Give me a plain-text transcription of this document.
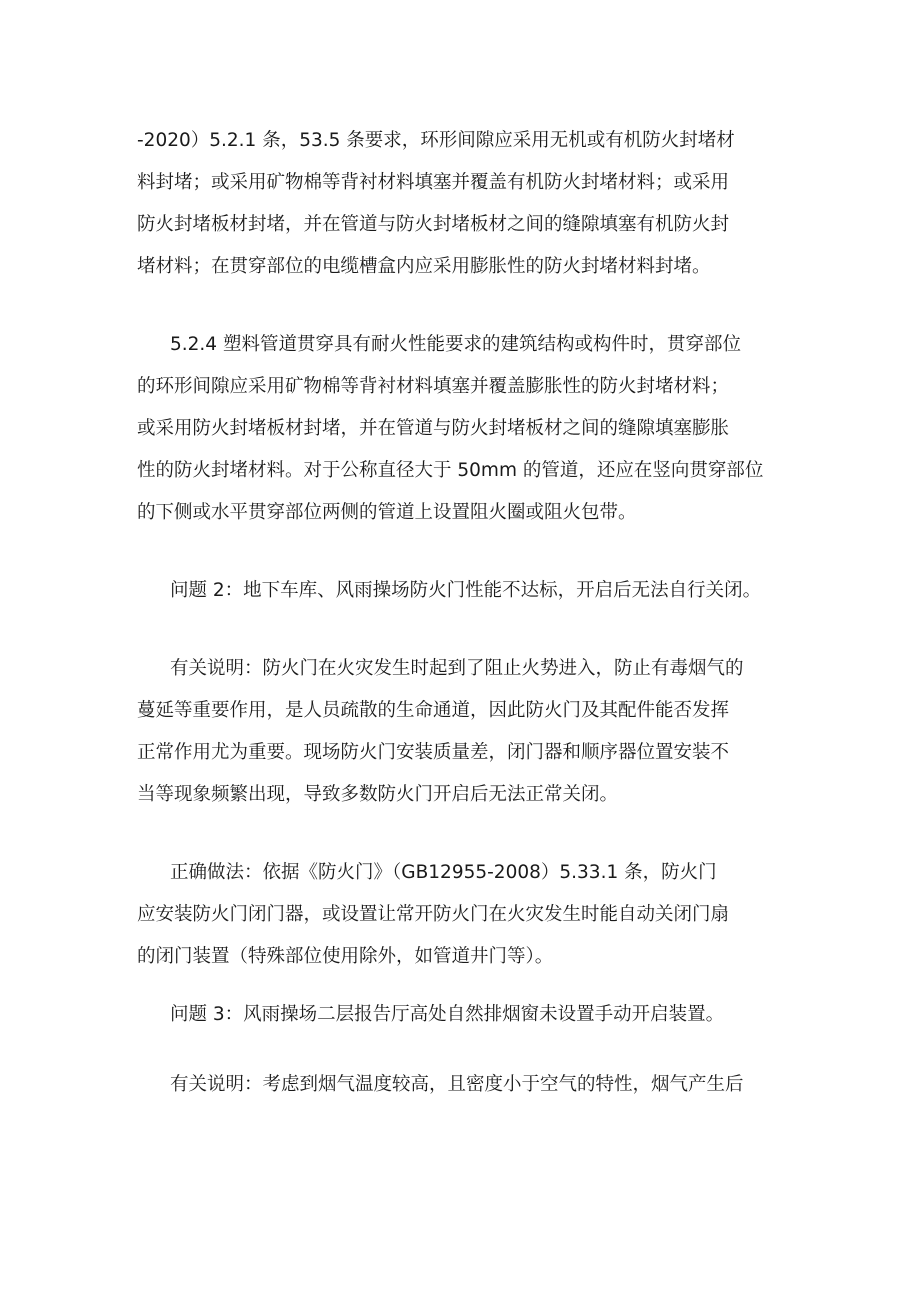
-2020）5.2.1 条，53.5 条要求，环形间隙应采用无机或有机防火封堵材
料封堵；或采用矿物棉等背衬材料填塞并覆盖有机防火封堵材料；或采用
防火封堵板材封堵，并在管道与防火封堵板材之间的缝隙填塞有机防火封
堵材料；在贯穿部位的电缆槽盒内应采用膨胀性的防火封堵材料封堵。
5.2.4 塑料管道贯穿具有耐火性能要求的建筑结构或构件时，贯穿部位
的环形间隙应采用矿物棉等背衬材料填塞并覆盖膨胀性的防火封堵材料；
或采用防火封堵板材封堵，并在管道与防火封堵板材之间的缝隙填塞膨胀
性的防火封堵材料。对于公称直径大于 50mm 的管道，还应在竖向贯穿部位
的下侧或水平贯穿部位两侧的管道上设置阻火圈或阻火包带。
问题 2：地下车库、风雨操场防火门性能不达标，开启后无法自行关闭。
有关说明：防火门在火灾发生时起到了阻止火势进入，防止有毒烟气的
蔓延等重要作用，是人员疏散的生命通道，因此防火门及其配件能否发挥
正常作用尤为重要。现场防火门安装质量差，闭门器和顺序器位置安装不
当等现象频繁出现，导致多数防火门开启后无法正常关闭。
正确做法：依据《防火门》（GB12955-2008）5.33.1 条，防火门
应安装防火门闭门器，或设置让常开防火门在火灾发生时能自动关闭门扇
的闭门装置（特殊部位使用除外，如管道井门等）。
问题 3：风雨操场二层报告厅高处自然排烟窗未设置手动开启装置。
有关说明：考虑到烟气温度较高，且密度小于空气的特性，烟气产生后
